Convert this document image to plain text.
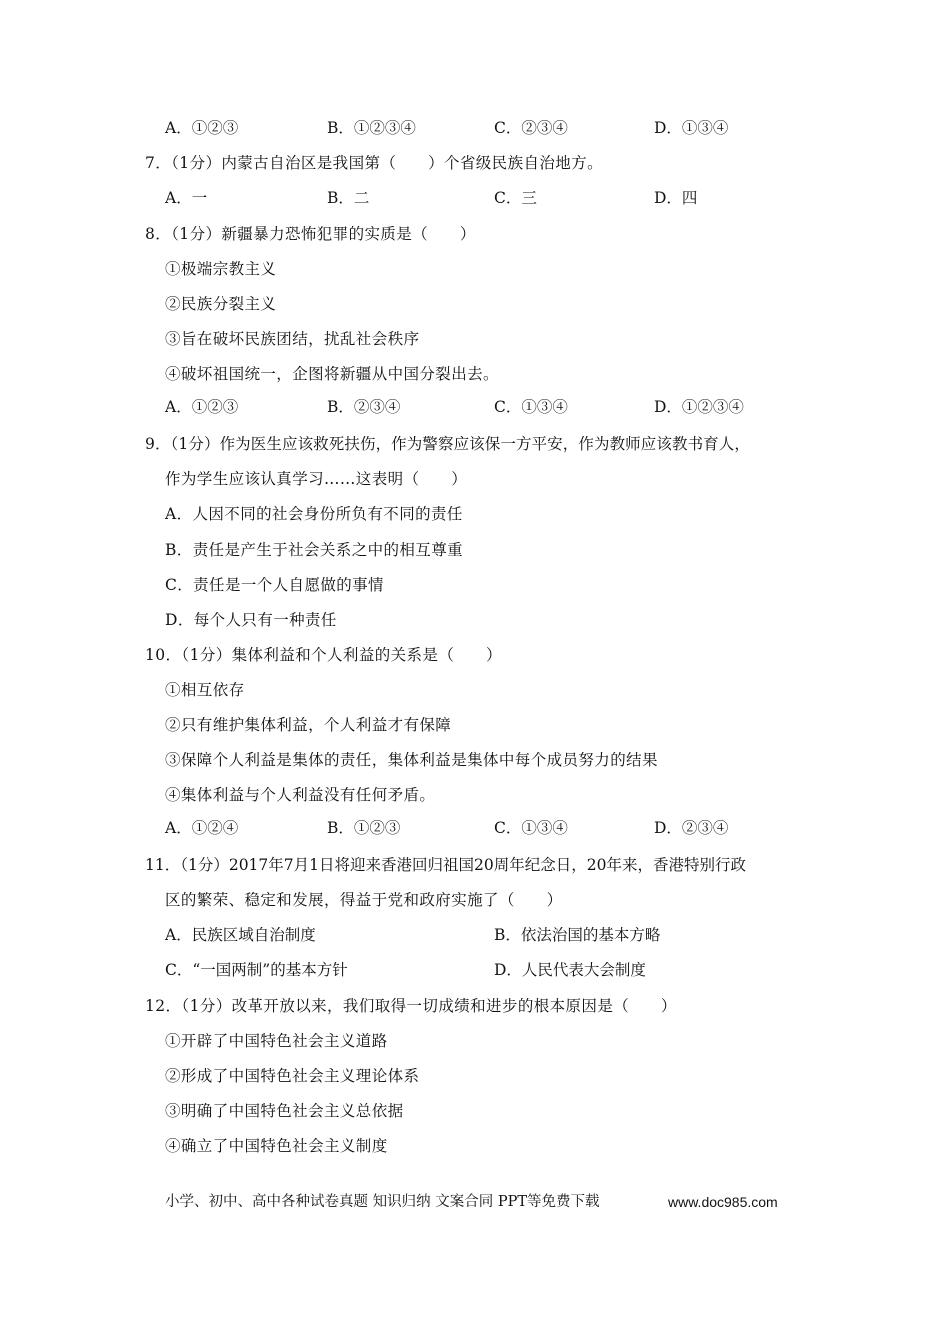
A．①②③	B．①②③④	C．②③④	D．①③④
7．（1分）内蒙古自治区是我国第（　　）个省级民族自治地方。
A．一	B．二	C．三	D．四
8．（1分）新疆暴力恐怖犯罪的实质是（　　）
①极端宗教主义
②民族分裂主义
③旨在破坏民族团结，扰乱社会秩序
④破坏祖国统一，企图将新疆从中国分裂出去。
A．①②③	B．②③④	C．①③④	D．①②③④
9．（1分）作为医生应该救死扶伤，作为警察应该保一方平安，作为教师应该教书育人，
作为学生应该认真学习……这表明（　　）
A．人因不同的社会身份所负有不同的责任
B．责任是产生于社会关系之中的相互尊重
C．责任是一个人自愿做的事情
D．每个人只有一种责任
10．（1分）集体利益和个人利益的关系是（　　）
①相互依存
②只有维护集体利益，个人利益才有保障
③保障个人利益是集体的责任，集体利益是集体中每个成员努力的结果
④集体利益与个人利益没有任何矛盾。
A．①②④	B．①②③	C．①③④	D．②③④
11．（1分）2017年7月1日将迎来香港回归祖国20周年纪念日，20年来，香港特别行政
区的繁荣、稳定和发展，得益于党和政府实施了（　　）
A．民族区域自治制度	B．依法治国的基本方略
C．“一国两制”的基本方针	D．人民代表大会制度
12．（1分）改革开放以来，我们取得一切成绩和进步的根本原因是（　　）
①开辟了中国特色社会主义道路
②形成了中国特色社会主义理论体系
③明确了中国特色社会主义总依据
④确立了中国特色社会主义制度
小学、初中、高中各种试卷真题 知识归纳 文案合同 PPT等免费下载	www.doc985.com
